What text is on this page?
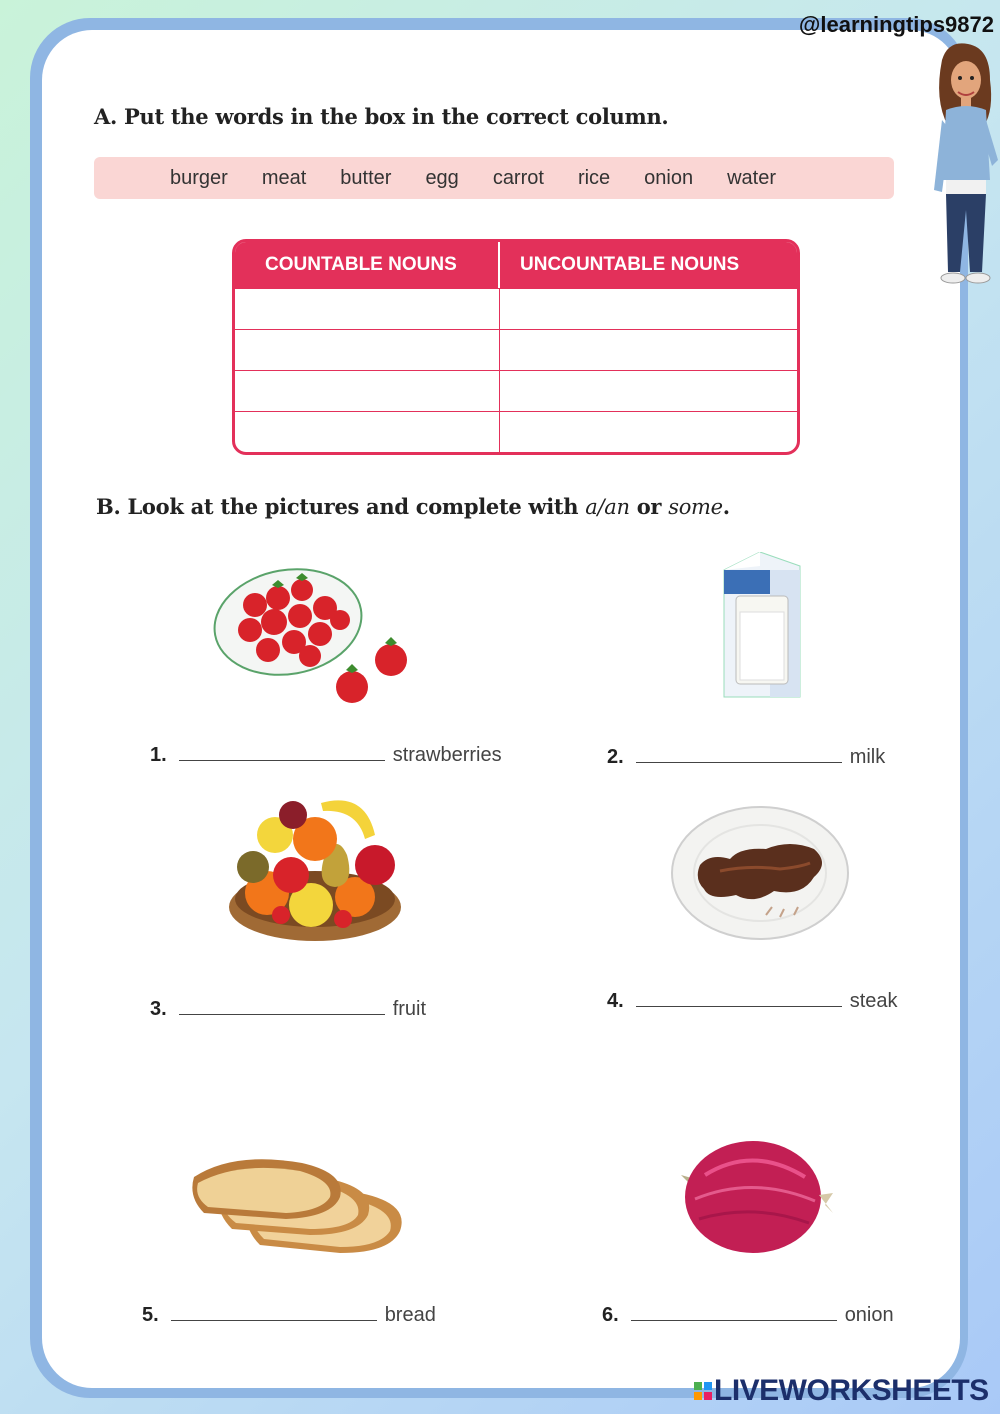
@learningtips9872
A. Put the words in the box in the correct column.
burger meat butter egg carrot rice onion water
COUNTABLE NOUNS	UNCOUNTABLE NOUNS
B. Look at the pictures and complete with a/an or some.
1.	strawberries	2.	milk
3.	fruit	4.	steak
5.	bread	6.	onion
LIVEWORKSHEETS
